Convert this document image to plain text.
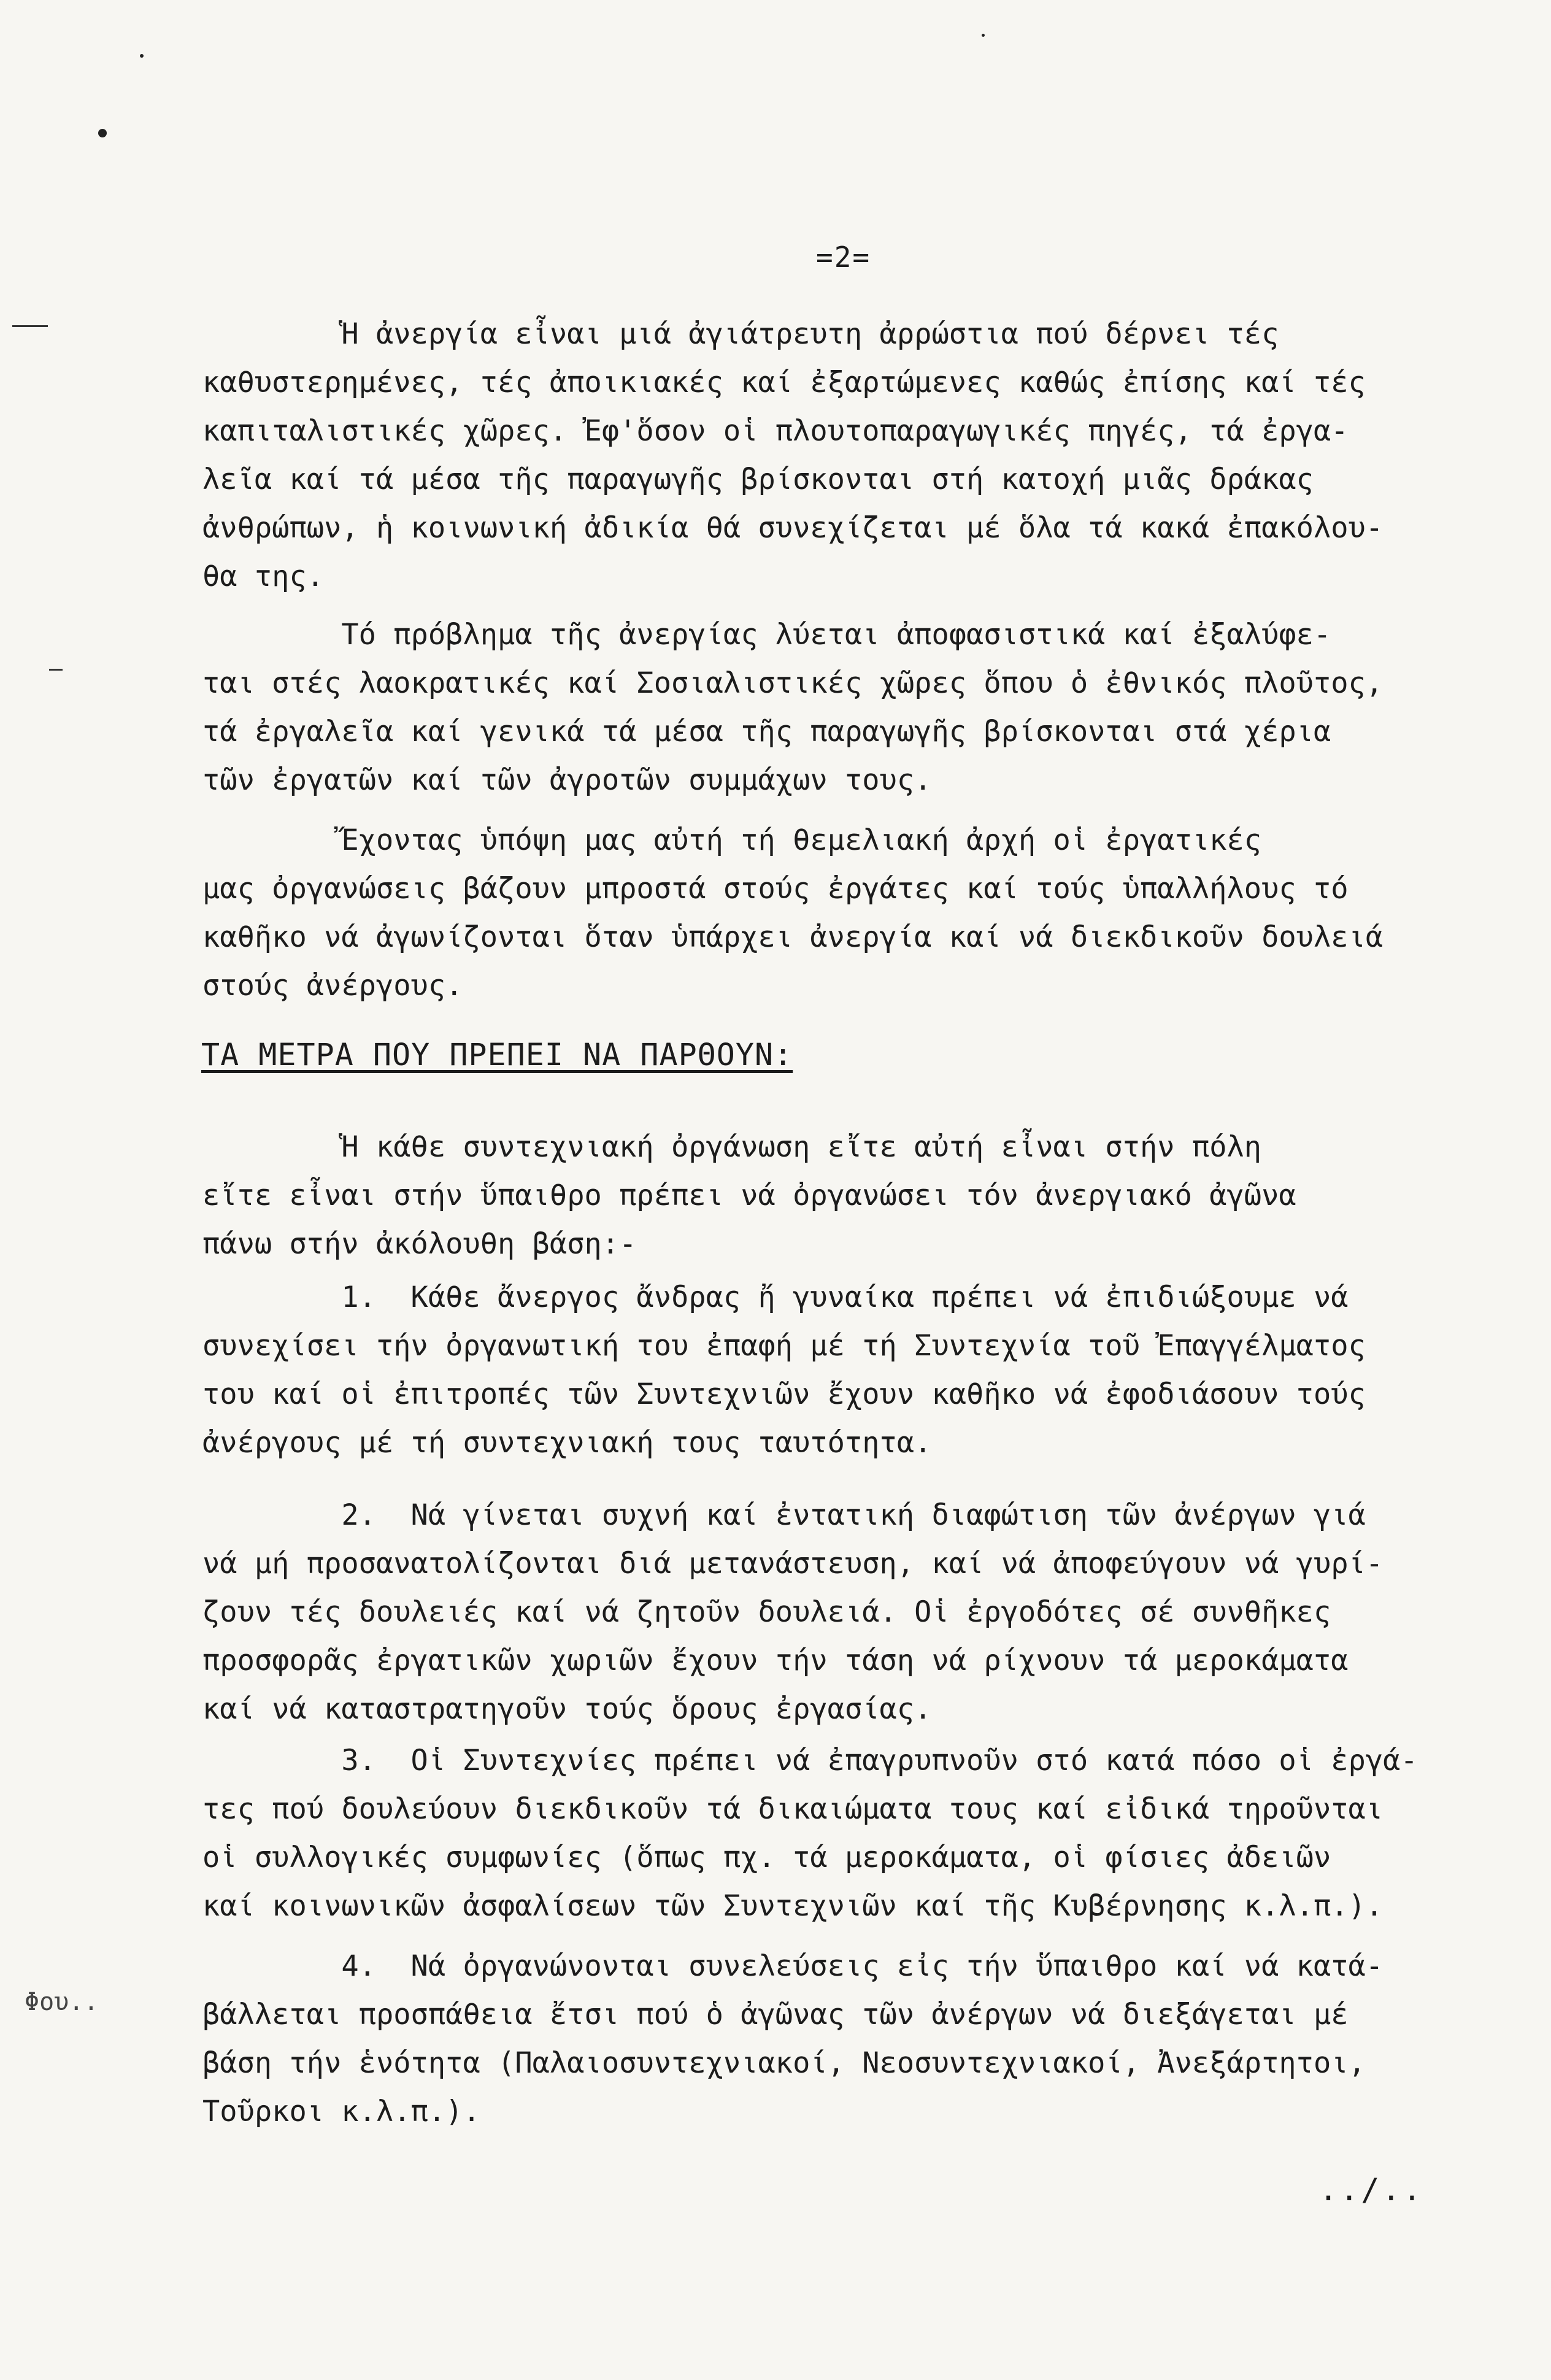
=2=

Ἡ ἀνεργία εἶναι μιά ἀγιάτρευτη ἀρρώστια πού δέρνει τές
καθυστερημένες, τές ἀποικιακές καί ἐξαρτώμενες καθώς ἐπίσης καί τές
καπιταλιστικές χῶρες. Ἐφ'ὅσον οἱ πλουτοπαραγωγικές πηγές, τά ἐργα-
λεῖα καί τά μέσα τῆς παραγωγῆς βρίσκονται στή κατοχή μιᾶς δράκας
ἀνθρώπων, ἡ κοινωνική ἀδικία θά συνεχίζεται μέ ὅλα τά κακά ἐπακόλου-
θα της.

Τό πρόβλημα τῆς ἀνεργίας λύεται ἀποφασιστικά καί ἐξαλύφε-
ται στές λαοκρατικές καί Σοσιαλιστικές χῶρες ὅπου ὁ ἐθνικός πλοῦτος,
τά ἐργαλεῖα καί γενικά τά μέσα τῆς παραγωγῆς βρίσκονται στά χέρια
τῶν ἐργατῶν καί τῶν ἀγροτῶν συμμάχων τους.

Ἔχοντας ὑπόψη μας αὐτή τή θεμελιακή ἀρχή οἱ ἐργατικές
μας ὀργανώσεις βάζουν μπροστά στούς ἐργάτες καί τούς ὑπαλλήλους τό
καθῆκο νά ἀγωνίζονται ὅταν ὑπάρχει ἀνεργία καί νά διεκδικοῦν δουλειά
στούς ἀνέργους.

ΤΑ ΜΕΤΡΑ ΠΟΥ ΠΡΕΠΕΙ ΝΑ ΠΑΡΘΟΥΝ:

Ἡ κάθε συντεχνιακή ὀργάνωση εἴτε αὐτή εἶναι στήν πόλη
εἴτε εἶναι στήν ὕπαιθρο πρέπει νά ὀργανώσει τόν ἀνεργιακό ἀγῶνα
πάνω στήν ἀκόλουθη βάση:-

1.  Κάθε ἄνεργος ἄνδρας ἤ γυναίκα πρέπει νά ἐπιδιώξουμε νά
συνεχίσει τήν ὀργανωτική του ἐπαφή μέ τή Συντεχνία τοῦ Ἐπαγγέλματος
του καί οἱ ἐπιτροπές τῶν Συντεχνιῶν ἔχουν καθῆκο νά ἐφοδιάσουν τούς
ἀνέργους μέ τή συντεχνιακή τους ταυτότητα.

2.  Νά γίνεται συχνή καί ἐντατική διαφώτιση τῶν ἀνέργων γιά
νά μή προσανατολίζονται διά μετανάστευση, καί νά ἀποφεύγουν νά γυρί-
ζουν τές δουλειές καί νά ζητοῦν δουλειά. Οἱ ἐργοδότες σέ συνθῆκες
προσφορᾶς ἐργατικῶν χωριῶν ἔχουν τήν τάση νά ρίχνουν τά μεροκάματα
καί νά καταστρατηγοῦν τούς ὅρους ἐργασίας.

3.  Οἱ Συντεχνίες πρέπει νά ἐπαγρυπνοῦν στό κατά πόσο οἱ ἐργά-
τες πού δουλεύουν διεκδικοῦν τά δικαιώματα τους καί εἰδικά τηροῦνται
οἱ συλλογικές συμφωνίες (ὅπως πχ. τά μεροκάματα, οἱ φίσιες ἀδειῶν
καί κοινωνικῶν ἀσφαλίσεων τῶν Συντεχνιῶν καί τῆς Κυβέρνησης κ.λ.π.).

4.  Νά ὀργανώνονται συνελεύσεις εἰς τήν ὕπαιθρο καί νά κατά-
βάλλεται προσπάθεια ἔτσι πού ὁ ἀγῶνας τῶν ἀνέργων νά διεξάγεται μέ
βάση τήν ἑνότητα (Παλαιοσυντεχνιακοί, Νεοσυντεχνιακοί, Ἀνεξάρτητοι,
Τοῦρκοι κ.λ.π.).

Φου..
..∕..
